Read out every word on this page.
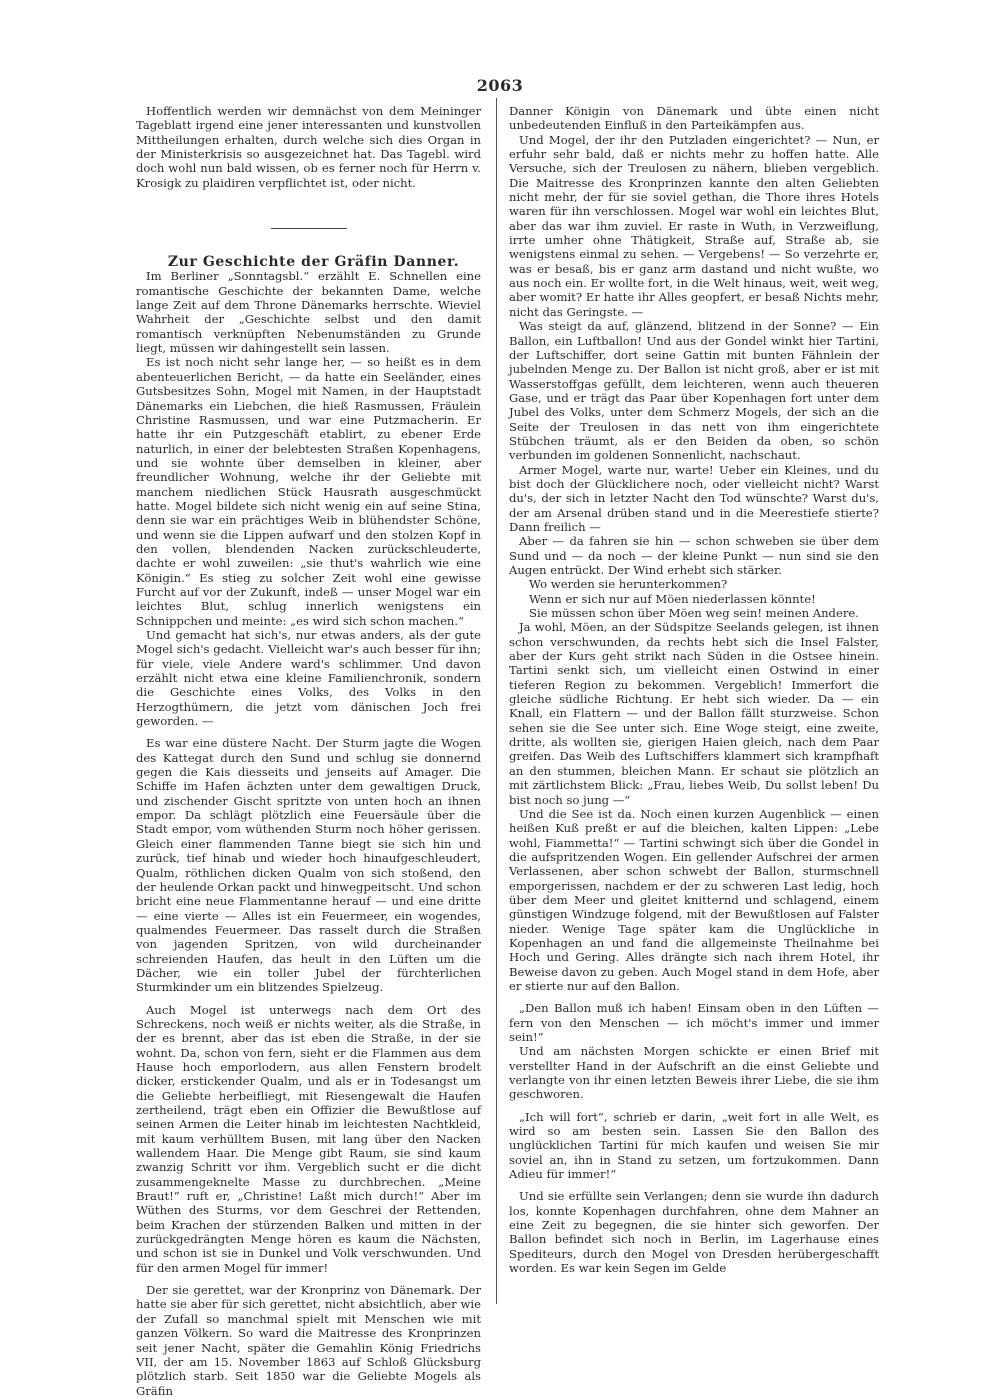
2063

Hoffentlich werden wir demnächst von dem Meininger Tageblatt irgend eine jener interessanten und kunstvollen Mittheilungen erhalten, durch welche sich dies Organ in der Ministerkrisis so ausgezeichnet hat. Das Tagebl. wird doch wohl nun bald wissen, ob es ferner noch für Herrn v. Krosigk zu plaidiren verpflichtet ist, oder nicht.

Zur Geschichte der Gräfin Danner.

Im Berliner „Sonntagsbl.“ erzählt E. Schnellen eine romantische Geschichte der bekannten Dame, welche lange Zeit auf dem Throne Dänemarks herrschte. Wieviel Wahrheit der „Geschichte selbst und den damit romantisch verknüpften Nebenumständen zu Grunde liegt, müssen wir dahingestellt sein lassen.

Es ist noch nicht sehr lange her, — so heißt es in dem abenteuerlichen Bericht, — da hatte ein Seeländer, eines Gutsbesitzes Sohn, Mogel mit Namen, in der Hauptstadt Dänemarks ein Liebchen, die hieß Rasmussen, Fräulein Christine Rasmussen, und war eine Putzmacherin. Er hatte ihr ein Putzgeschäft etablirt, zu ebener Erde naturlich, in einer der belebtesten Straßen Kopenhagens, und sie wohnte über demselben in kleiner, aber freundlicher Wohnung, welche ihr der Geliebte mit manchem niedlichen Stück Hausrath ausgeschmückt hatte. Mogel bildete sich nicht wenig ein auf seine Stina, denn sie war ein prächtiges Weib in blühendster Schöne, und wenn sie die Lippen aufwarf und den stolzen Kopf in den vollen, blendenden Nacken zurückschleuderte, dachte er wohl zuweilen: „sie thut's wahrlich wie eine Königin.“ Es stieg zu solcher Zeit wohl eine gewisse Furcht auf vor der Zukunft, indeß — unser Mogel war ein leichtes Blut, schlug innerlich wenigstens ein Schnippchen und meinte: „es wird sich schon machen.“

Und gemacht hat sich's, nur etwas anders, als der gute Mogel sich's gedacht. Vielleicht war's auch besser für ihn; für viele, viele Andere ward's schlimmer. Und davon erzählt nicht etwa eine kleine Familienchronik, sondern die Geschichte eines Volks, des Volks in den Herzogthümern, die jetzt vom dänischen Joch frei geworden. —

Es war eine düstere Nacht. Der Sturm jagte die Wogen des Kattegat durch den Sund und schlug sie donnernd gegen die Kais diesseits und jenseits auf Amager. Die Schiffe im Hafen ächzten unter dem gewaltigen Druck, und zischender Gischt spritzte von unten hoch an ihnen empor. Da schlägt plötzlich eine Feuersäule über die Stadt empor, vom wüthenden Sturm noch höher gerissen. Gleich einer flammenden Tanne biegt sie sich hin und zurück, tief hinab und wieder hoch hinaufgeschleudert, Qualm, röthlichen dicken Qualm von sich stoßend, den der heulende Orkan packt und hinwegpeitscht. Und schon bricht eine neue Flammentanne herauf — und eine dritte — eine vierte — Alles ist ein Feuermeer, ein wogendes, qualmendes Feuermeer. Das rasselt durch die Straßen von jagenden Spritzen, von wild durcheinander schreienden Haufen, das heult in den Lüften um die Dächer, wie ein toller Jubel der fürchterlichen Sturmkinder um ein blitzendes Spielzeug.

Auch Mogel ist unterwegs nach dem Ort des Schreckens, noch weiß er nichts weiter, als die Straße, in der es brennt, aber das ist eben die Straße, in der sie wohnt. Da, schon von fern, sieht er die Flammen aus dem Hause hoch emporlodern, aus allen Fenstern brodelt dicker, erstickender Qualm, und als er in Todesangst um die Geliebte herbeifliegt, mit Riesengewalt die Haufen zertheilend, trägt eben ein Offizier die Bewußtlose auf seinen Armen die Leiter hinab im leichtesten Nachtkleid, mit kaum verhülltem Busen, mit lang über den Nacken wallendem Haar. Die Menge gibt Raum, sie sind kaum zwanzig Schritt vor ihm. Vergeblich sucht er die dicht zusammengeknelte Masse zu durchbrechen. „Meine Braut!“ ruft er, „Christine! Laßt mich durch!“ Aber im Wüthen des Sturms, vor dem Geschrei der Rettenden, beim Krachen der stürzenden Balken und mitten in der zurückgedrängten Menge hören es kaum die Nächsten, und schon ist sie in Dunkel und Volk verschwunden. Und für den armen Mogel für immer!

Der sie gerettet, war der Kronprinz von Dänemark. Der hatte sie aber für sich gerettet, nicht absichtlich, aber wie der Zufall so manchmal spielt mit Menschen wie mit ganzen Völkern. So ward die Maitresse des Kronprinzen seit jener Nacht, später die Gemahlin König Friedrichs VII, der am 15. November 1863 auf Schloß Glücksburg plötzlich starb. Seit 1850 war die Geliebte Mogels als Gräfin

Danner Königin von Dänemark und übte einen nicht unbedeutenden Einfluß in den Parteikämpfen aus.

Und Mogel, der ihr den Putzladen eingerichtet? — Nun, er erfuhr sehr bald, daß er nichts mehr zu hoffen hatte. Alle Versuche, sich der Treulosen zu nähern, blieben vergeblich. Die Maitresse des Kronprinzen kannte den alten Geliebten nicht mehr, der für sie soviel gethan, die Thore ihres Hotels waren für ihn verschlossen. Mogel war wohl ein leichtes Blut, aber das war ihm zuviel. Er raste in Wuth, in Verzweiflung, irrte umher ohne Thätigkeit, Straße auf, Straße ab, sie wenigstens einmal zu sehen. — Vergebens! — So verzehrte er, was er besaß, bis er ganz arm dastand und nicht wußte, wo aus noch ein. Er wollte fort, in die Welt hinaus, weit, weit weg, aber womit? Er hatte ihr Alles geopfert, er besaß Nichts mehr, nicht das Geringste. —

Was steigt da auf, glänzend, blitzend in der Sonne? — Ein Ballon, ein Luftballon! Und aus der Gondel winkt hier Tartini, der Luftschiffer, dort seine Gattin mit bunten Fähnlein der jubelnden Menge zu. Der Ballon ist nicht groß, aber er ist mit Wasserstoffgas gefüllt, dem leichteren, wenn auch theueren Gase, und er trägt das Paar über Kopenhagen fort unter dem Jubel des Volks, unter dem Schmerz Mogels, der sich an die Seite der Treulosen in das nett von ihm eingerichtete Stübchen träumt, als er den Beiden da oben, so schön verbunden im goldenen Sonnenlicht, nachschaut.

Armer Mogel, warte nur, warte! Ueber ein Kleines, und du bist doch der Glücklichere noch, oder vielleicht nicht? Warst du's, der sich in letzter Nacht den Tod wünschte? Warst du's, der am Arsenal drüben stand und in die Meerestiefe stierte? Dann freilich —

Aber — da fahren sie hin — schon schweben sie über dem Sund und — da noch — der kleine Punkt — nun sind sie den Augen entrückt. Der Wind erhebt sich stärker.

Wo werden sie herunterkommen?

Wenn er sich nur auf Möen niederlassen könnte!

Sie müssen schon über Möen weg sein! meinen Andere.

Ja wohl, Möen, an der Südspitze Seelands gelegen, ist ihnen schon verschwunden, da rechts hebt sich die Insel Falster, aber der Kurs geht strikt nach Süden in die Ostsee hinein. Tartini senkt sich, um vielleicht einen Ostwind in einer tieferen Region zu bekommen. Vergeblich! Immerfort die gleiche südliche Richtung. Er hebt sich wieder. Da — ein Knall, ein Flattern — und der Ballon fällt sturzweise. Schon sehen sie die See unter sich. Eine Woge steigt, eine zweite, dritte, als wollten sie, gierigen Haien gleich, nach dem Paar greifen. Das Weib des Luftschiffers klammert sich krampfhaft an den stummen, bleichen Mann. Er schaut sie plötzlich an mit zärtlichstem Blick: „Frau, liebes Weib, Du sollst leben! Du bist noch so jung —“

Und die See ist da. Noch einen kurzen Augenblick — einen heißen Kuß preßt er auf die bleichen, kalten Lippen: „Lebe wohl, Fiammetta!“ — Tartini schwingt sich über die Gondel in die aufspritzenden Wogen. Ein gellender Aufschrei der armen Verlassenen, aber schon schwebt der Ballon, sturmschnell emporgerissen, nachdem er der zu schweren Last ledig, hoch über dem Meer und gleitet knitternd und schlagend, einem günstigen Windzuge folgend, mit der Bewußtlosen auf Falster nieder. Wenige Tage später kam die Unglückliche in Kopenhagen an und fand die allgemeinste Theilnahme bei Hoch und Gering. Alles drängte sich nach ihrem Hotel, ihr Beweise davon zu geben. Auch Mogel stand in dem Hofe, aber er stierte nur auf den Ballon.

„Den Ballon muß ich haben! Einsam oben in den Lüften — fern von den Menschen — ich möcht's immer und immer sein!“

Und am nächsten Morgen schickte er einen Brief mit verstellter Hand in der Aufschrift an die einst Geliebte und verlangte von ihr einen letzten Beweis ihrer Liebe, die sie ihm geschworen.

„Ich will fort“, schrieb er darin, „weit fort in alle Welt, es wird so am besten sein. Lassen Sie den Ballon des unglücklichen Tartini für mich kaufen und weisen Sie mir soviel an, ihn in Stand zu setzen, um fortzukommen. Dann Adieu für immer!“

Und sie erfüllte sein Verlangen; denn sie wurde ihn dadurch los, konnte Kopenhagen durchfahren, ohne dem Mahner an eine Zeit zu begegnen, die sie hinter sich geworfen. Der Ballon befindet sich noch in Berlin, im Lagerhause eines Spediteurs, durch den Mogel von Dresden herübergeschafft worden. Es war kein Segen im Gelde
